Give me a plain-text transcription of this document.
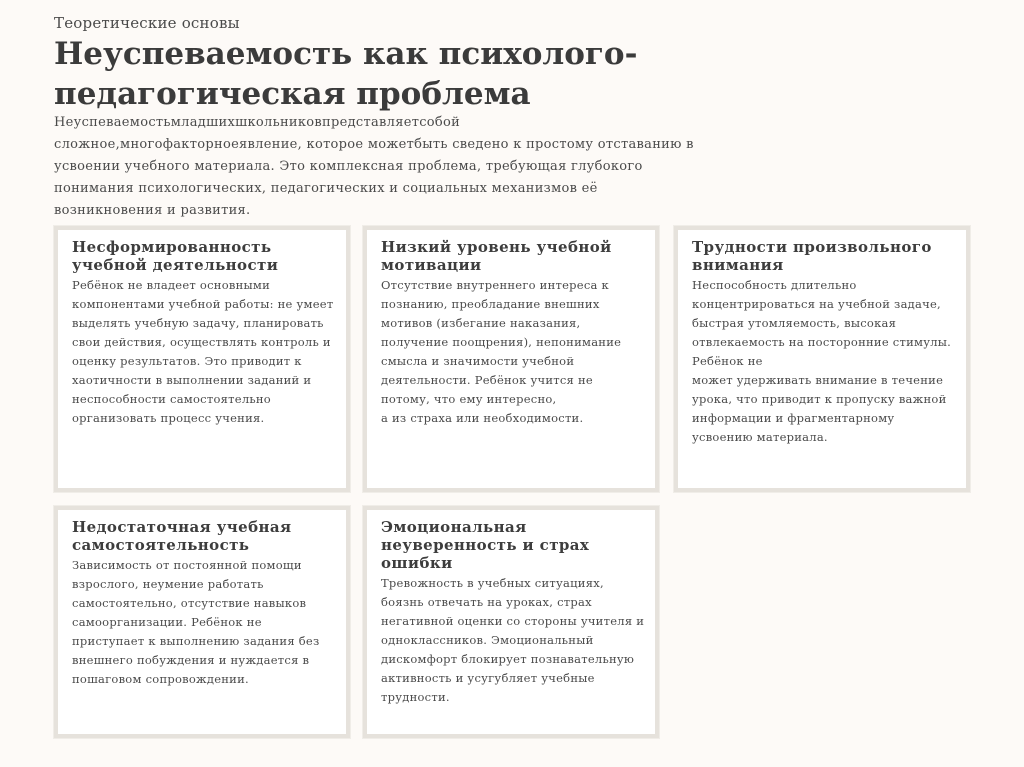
Теоретические основы
Неуспеваемость как психолого-педагогическая проблема
Неуспеваемостьмладшихшкольниковпредставляетсобой сложное,многофакторноеявление, которое можетбыть сведено к простому отставанию в усвоении учебного материала. Это комплексная проблема, требующая глубокого понимания психологических, педагогических и социальных механизмов её возникновения и развития.
Несформированность учебной деятельности
Ребёнок не владеет основными компонентами учебной работы: не умеет выделять учебную задачу, планировать свои действия, осуществлять контроль и оценку результатов. Это приводит к хаотичности в выполнении заданий и неспособности самостоятельно организовать процесс учения.
Низкий уровень учебной мотивации
Отсутствие внутреннего интереса к познанию, преобладание внешних мотивов (избегание наказания, получение поощрения), непонимание смысла и значимости учебной деятельности. Ребёнок учится не потому, что ему интересно,
а из страха или необходимости.
Трудности произвольного внимания
Неспособность длительно концентрироваться на учебной задаче, быстрая утомляемость, высокая отвлекаемость на посторонние стимулы. Ребёнок не
может удерживать внимание в течение урока, что приводит к пропуску важной информации и фрагментарному усвоению материала.
Недостаточная учебная самостоятельность
Зависимость от постоянной помощи взрослого, неумение работать самостоятельно, отсутствие навыков самоорганизации. Ребёнок не приступает к выполнению задания без внешнего побуждения и нуждается в пошаговом сопровождении.
Эмоциональная неуверенность и страх ошибки
Тревожность в учебных ситуациях, боязнь отвечать на уроках, страх негативной оценки со стороны учителя и одноклассников. Эмоциональный дискомфорт блокирует познавательную активность и усугубляет учебные трудности.
